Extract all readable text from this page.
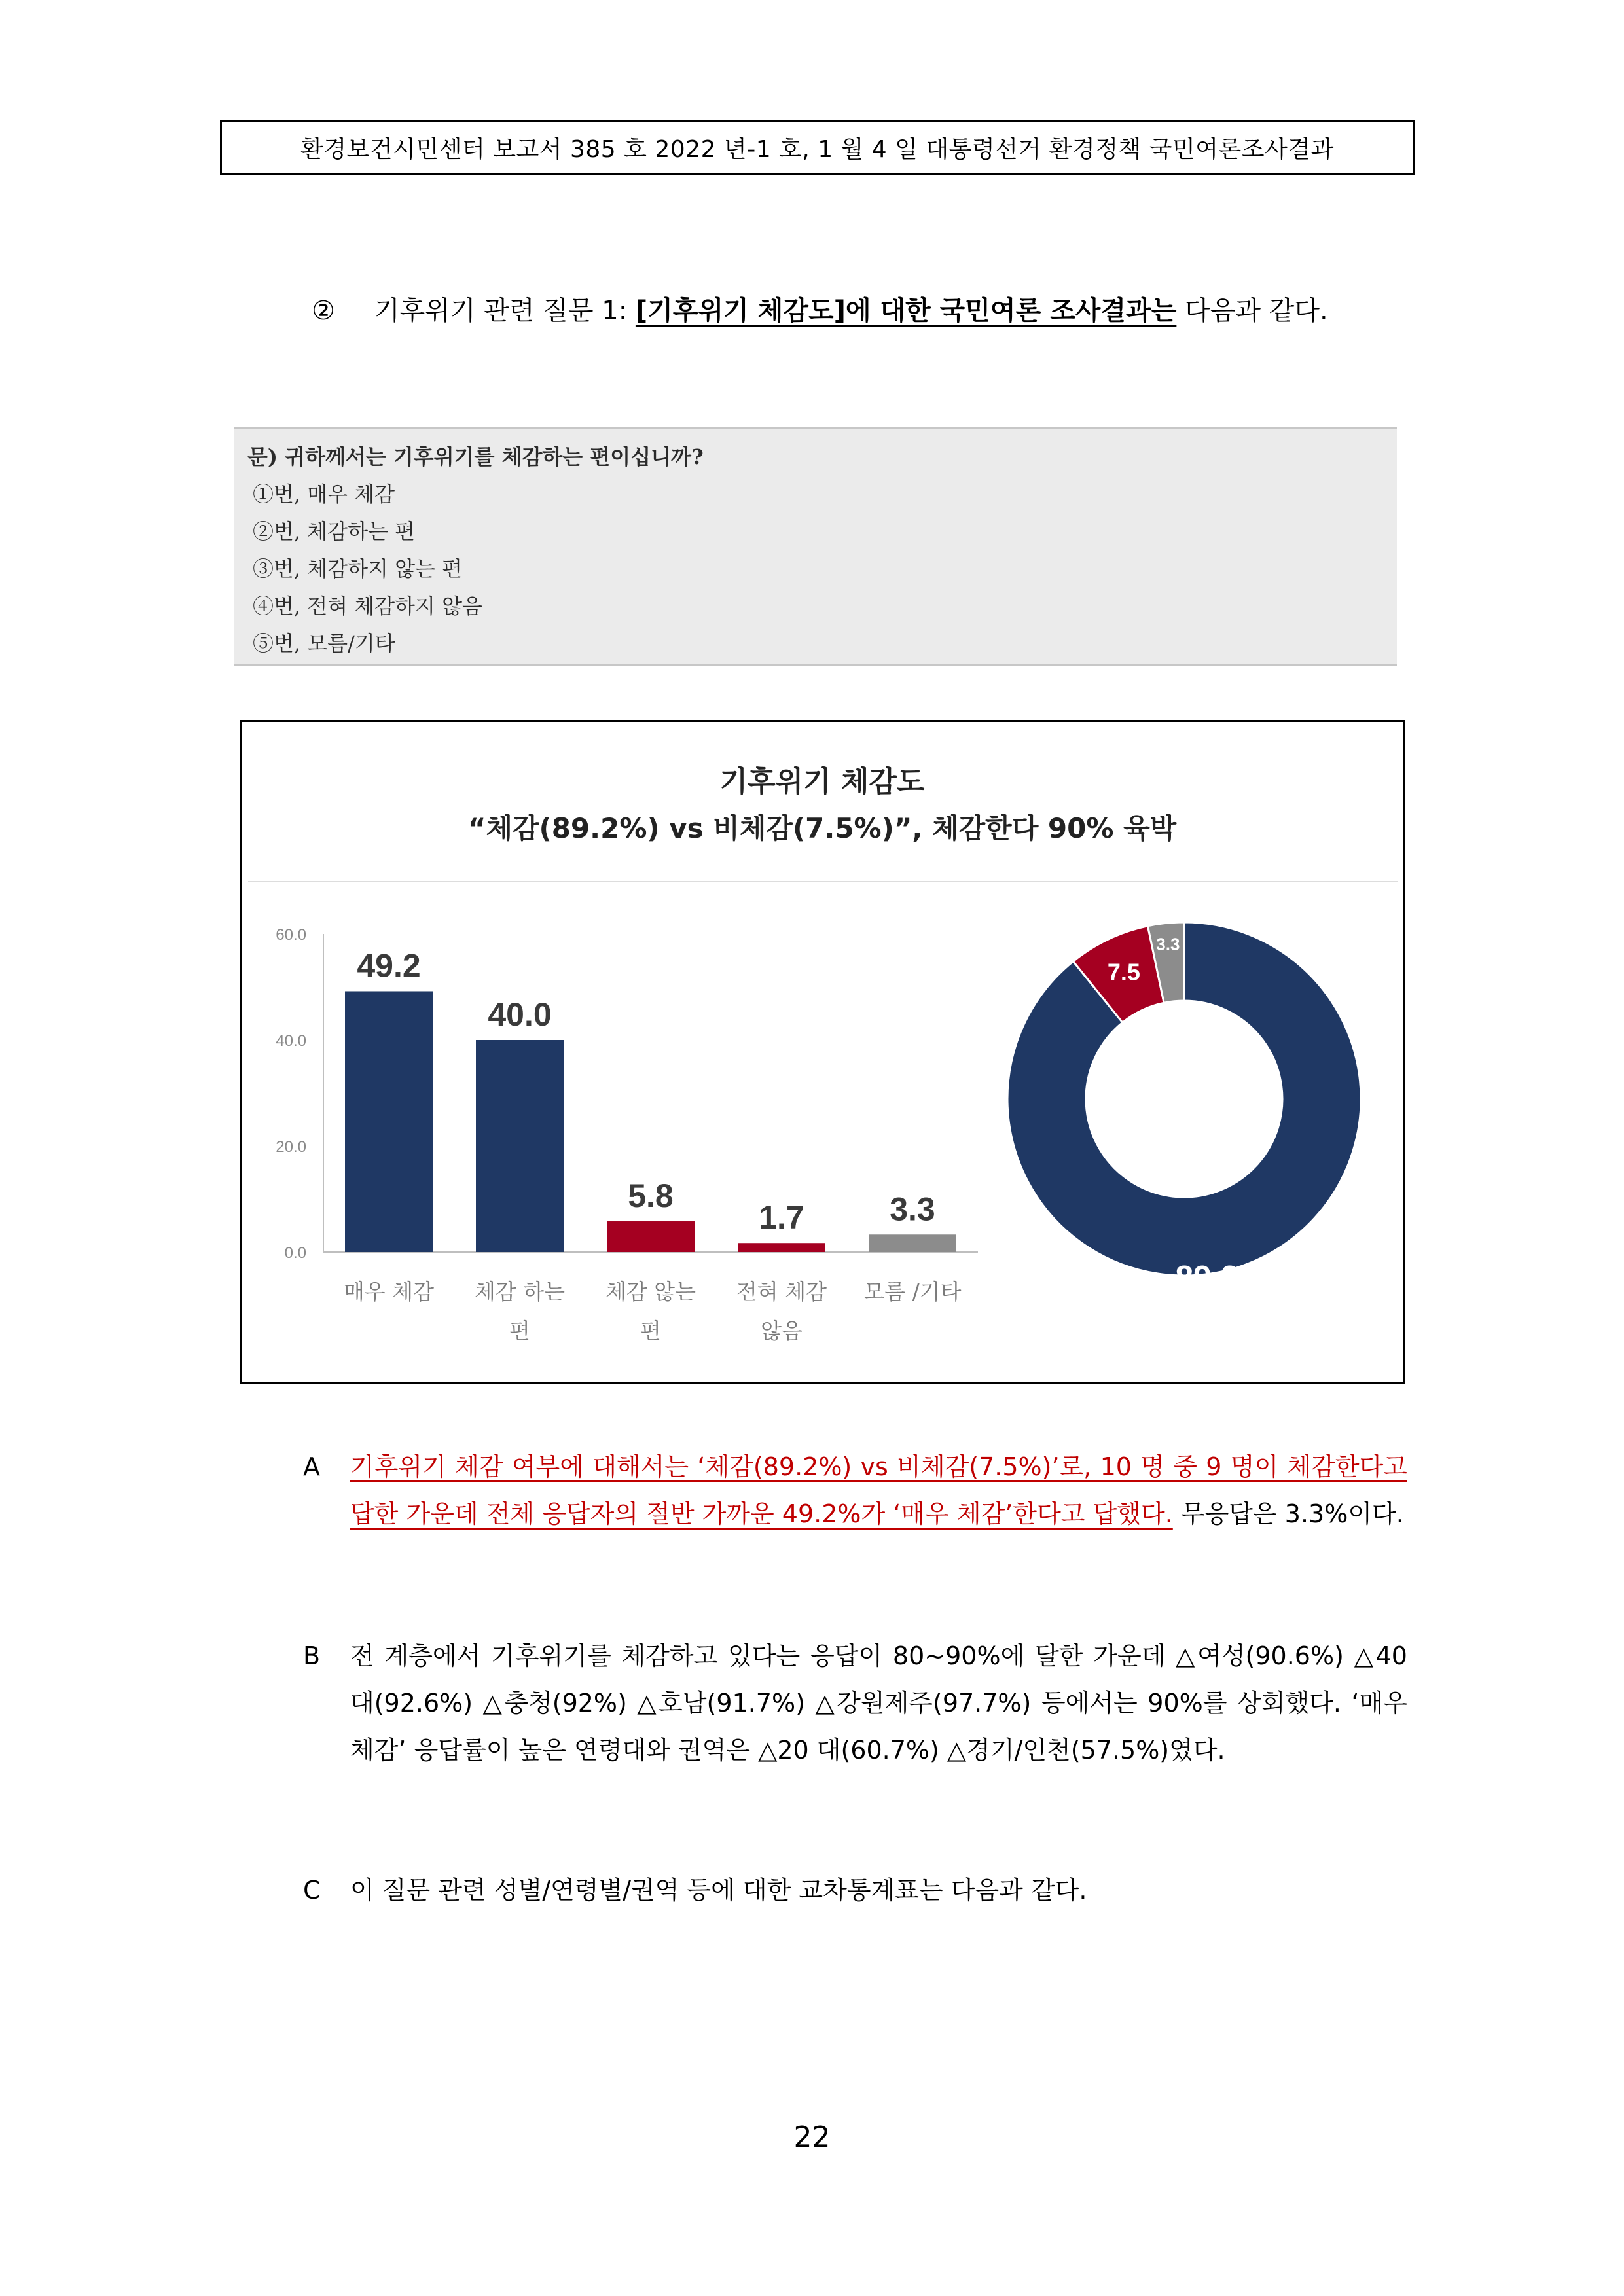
환경보건시민센터 보고서 385 호 2022 년-1 호, 1 월 4 일 대통령선거 환경정책 국민여론조사결과
② 기후위기 관련 질문 1: [기후위기 체감도]에 대한 국민여론 조사결과는 다음과 같다.
문) 귀하께서는 기후위기를 체감하는 편이십니까?
①번, 매우 체감
②번, 체감하는 편
③번, 체감하지 않는 편
④번, 전혀 체감하지 않음
⑤번, 모름/기타
기후위기 체감도
“체감(89.2%) vs 비체감(7.5%)”, 체감한다 90% 육박
0.0
20.0
40.0
60.0
49.2
매우 체감
40.0
체감 하는
편
5.8
체감 않는
편
1.7
전혀 체감
않음
3.3
모름 /기타	89.2
7.5
3.3
A 기후위기 체감 여부에 대해서는 ‘체감(89.2%) vs 비체감(7.5%)’로, 10 명 중 9 명이 체감한다고 답한 가운데 전체 응답자의 절반 가까운 49.2%가 ‘매우 체감’한다고 답했다. 무응답은 3.3%이다.
B 전 계층에서 기후위기를 체감하고 있다는 응답이 80~90%에 달한 가운데 △여성(90.6%) △40 대(92.6%) △충청(92%) △호남(91.7%) △강원제주(97.7%) 등에서는 90%를 상회했다. ‘매우 체감’ 응답률이 높은 연령대와 권역은 △20 대(60.7%) △경기/인천(57.5%)였다.
C 이 질문 관련 성별/연령별/권역 등에 대한 교차통계표는 다음과 같다.
22
